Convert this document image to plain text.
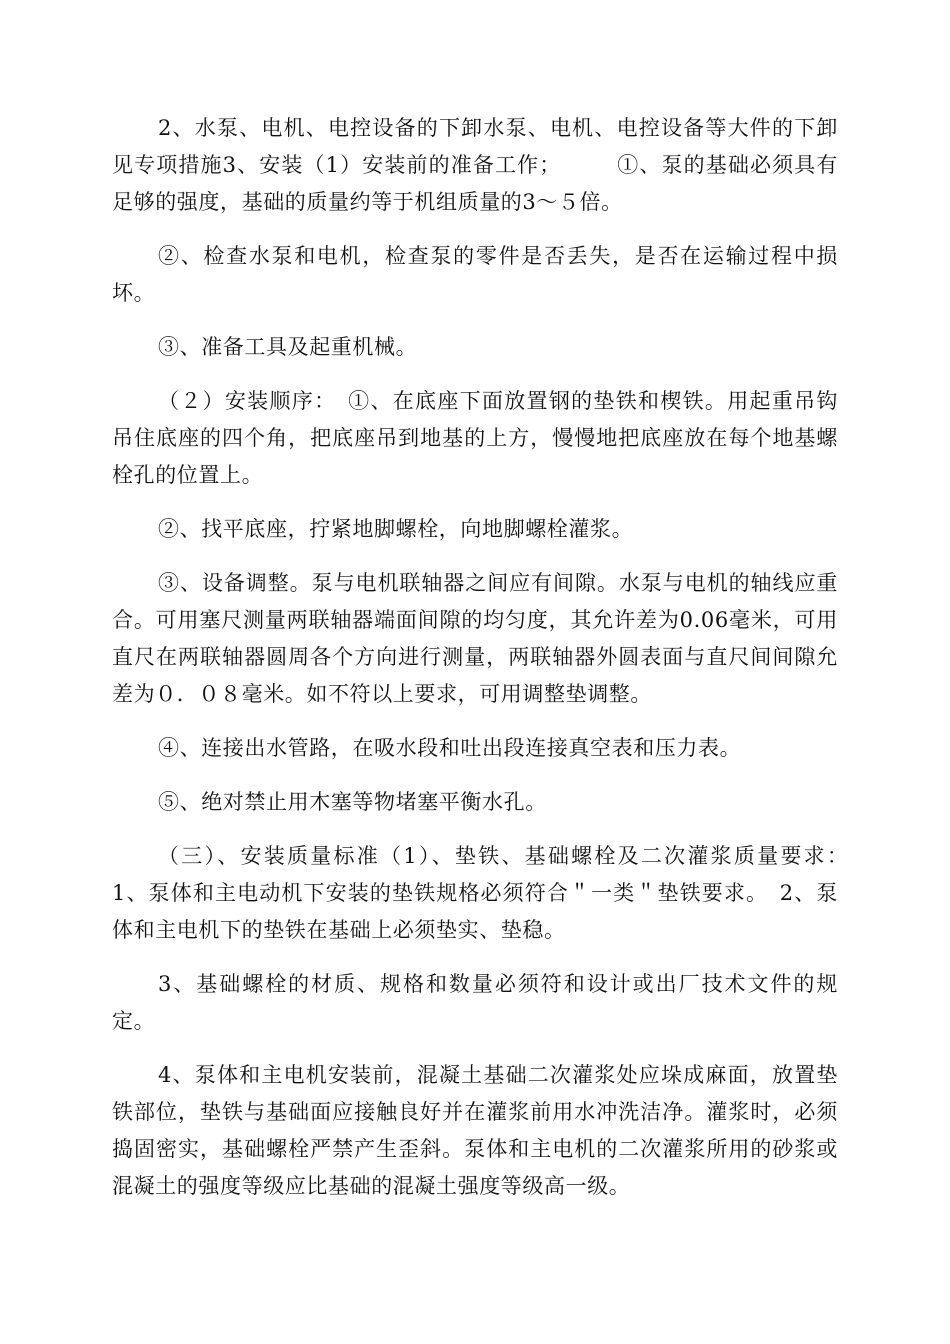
2、水泵、电机、电控设备的下卸水泵、电机、电控设备等大件的下卸见专项措施3、安装（1）安装前的准备工作；　　　①、泵的基础必须具有足够的强度，基础的质量约等于机组质量的3～５倍。

②、检查水泵和电机，检查泵的零件是否丢失，是否在运输过程中损坏。

③、准备工具及起重机械。

（２）安装顺序：　①、在底座下面放置钢的垫铁和楔铁。用起重吊钩吊住底座的四个角，把底座吊到地基的上方，慢慢地把底座放在每个地基螺栓孔的位置上。

②、找平底座，拧紧地脚螺栓，向地脚螺栓灌浆。

③、设备调整。泵与电机联轴器之间应有间隙。水泵与电机的轴线应重合。可用塞尺测量两联轴器端面间隙的均匀度，其允许差为0.06毫米，可用直尺在两联轴器圆周各个方向进行测量，两联轴器外圆表面与直尺间间隙允差为０．０８毫米。如不符以上要求，可用调整垫调整。

④、连接出水管路，在吸水段和吐出段连接真空表和压力表。

⑤、绝对禁止用木塞等物堵塞平衡水孔。

（三）、安装质量标准（1）、垫铁、基础螺栓及二次灌浆质量要求：　1、泵体和主电动机下安装的垫铁规格必须符合＂一类＂垫铁要求。　2、泵体和主电机下的垫铁在基础上必须垫实、垫稳。

3、基础螺栓的材质、规格和数量必须符和设计或出厂技术文件的规定。

4、泵体和主电机安装前，混凝土基础二次灌浆处应垛成麻面，放置垫铁部位，垫铁与基础面应接触良好并在灌浆前用水冲洗洁净。灌浆时，必须捣固密实，基础螺栓严禁产生歪斜。泵体和主电机的二次灌浆所用的砂浆或混凝土的强度等级应比基础的混凝土强度等级高一级。
